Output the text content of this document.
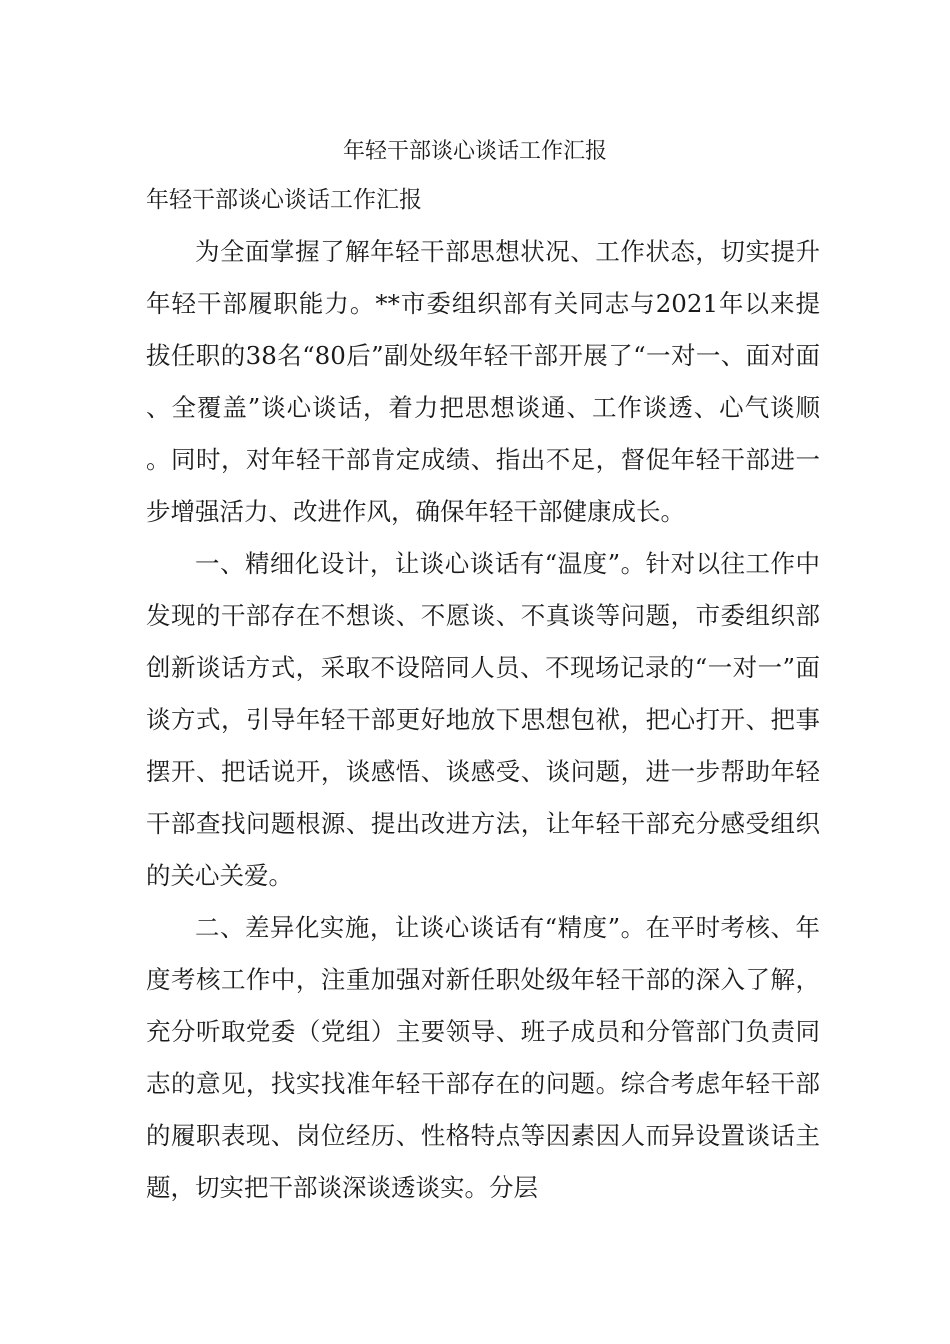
年轻干部谈心谈话工作汇报

年轻干部谈心谈话工作汇报

为全面掌握了解年轻干部思想状况、工作状态，切实提升年轻干部履职能力。**市委组织部有关同志与2021年以来提拔任职的38名“80后”副处级年轻干部开展了“一对一、面对面、全覆盖”谈心谈话，着力把思想谈通、工作谈透、心气谈顺。同时，对年轻干部肯定成绩、指出不足，督促年轻干部进一步增强活力、改进作风，确保年轻干部健康成长。

一、精细化设计，让谈心谈话有“温度”。针对以往工作中发现的干部存在不想谈、不愿谈、不真谈等问题，市委组织部创新谈话方式，采取不设陪同人员、不现场记录的“一对一”面谈方式，引导年轻干部更好地放下思想包袱，把心打开、把事摆开、把话说开，谈感悟、谈感受、谈问题，进一步帮助年轻干部查找问题根源、提出改进方法，让年轻干部充分感受组织的关心关爱。

二、差异化实施，让谈心谈话有“精度”。在平时考核、年度考核工作中，注重加强对新任职处级年轻干部的深入了解，充分听取党委（党组）主要领导、班子成员和分管部门负责同志的意见，找实找准年轻干部存在的问题。综合考虑年轻干部的履职表现、岗位经历、性格特点等因素因人而异设置谈话主题，切实把干部谈深谈透谈实。分层
